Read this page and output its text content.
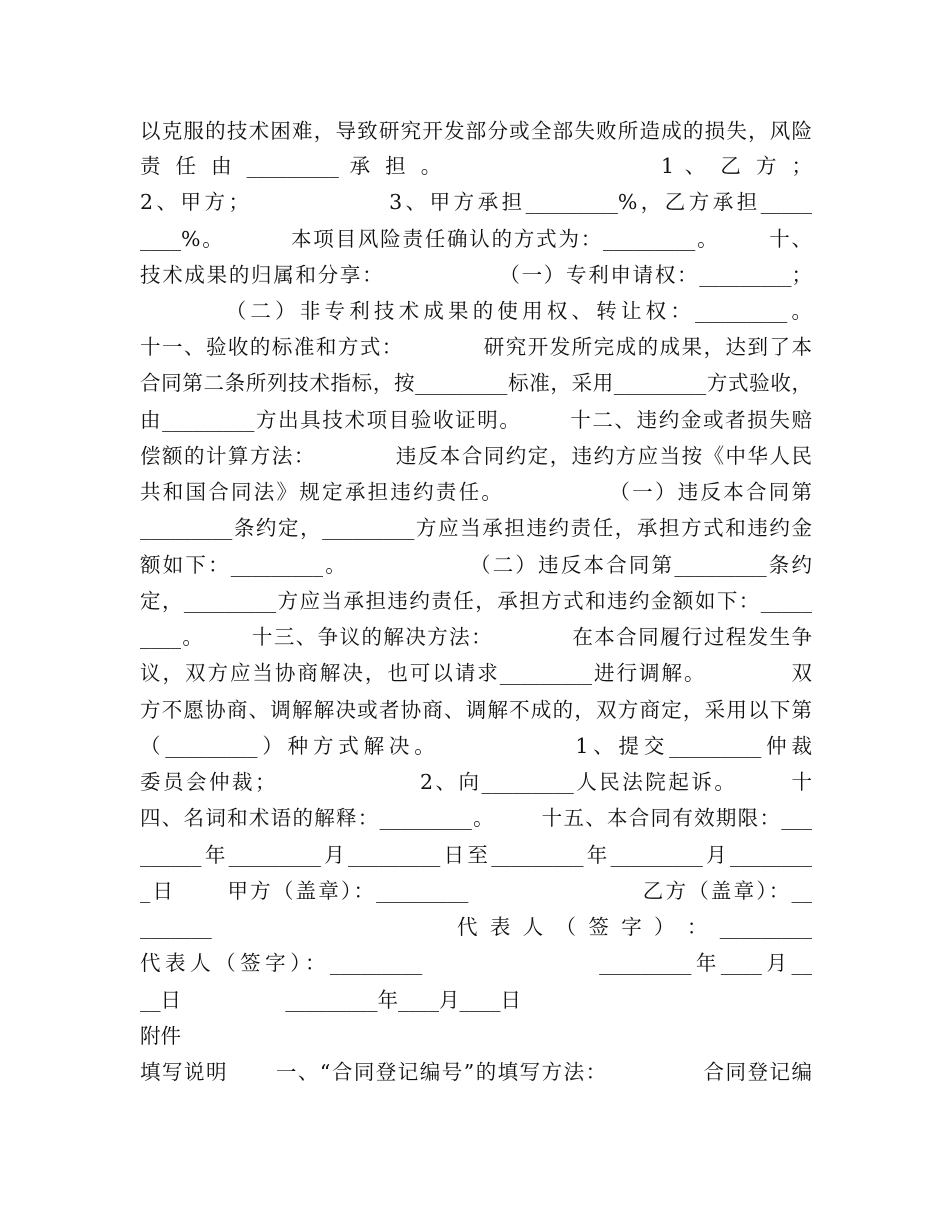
以克服的技术困难，导致研究开发部分或全部失败所造成的损失，风险
责 任 由 _________ 承 担 。                    1 、 乙 方 ；
2、甲方；              3、甲方承担_________%，乙方承担_____
____%。        本项目风险责任确认的方式为：_________。      十、
技术成果的归属和分享：              （一）专利申请权：_________；
（二）非专利技术成果的使用权、转让权：_________。
十一、验收的标准和方式：          研究开发所完成的成果，达到了本
合同第二条所列技术指标，按_________标准，采用_________方式验收，
由_________方出具技术项目验收证明。      十二、违约金或者损失赔
偿额的计算方法：          违反本合同约定，违约方应当按《中华人民
共和国合同法》规定承担违约责任。            （一）违反本合同第
_________条约定，_________方应当承担违约责任，承担方式和违约金
额如下：_________。              （二）违反本合同第_________条约
定，_________方应当承担违约责任，承担方式和违约金额如下：_____
____。      十三、争议的解决方法：          在本合同履行过程发生争
议，双方应当协商解决，也可以请求_________进行调解。          双
方不愿协商、调解解决或者协商、调解不成的，双方商定，采用以下第
（_________）种方式解决。            1、提交_________仲裁
委员会仲裁；                2、向_________人民法院起诉。      十
四、名词和术语的解释：_________。      十五、本合同有效期限：___
______年_________月_________日至_________年_________月________
_日      甲方（盖章）：_________                    乙方（盖章）：__
_______                          代 表 人 （ 签 字 ） ： _________
代表人（签字）：_________                _________年____月__
__日                _________年____月____日
附件
填写说明      一、“合同登记编号”的填写方法：            合同登记编
